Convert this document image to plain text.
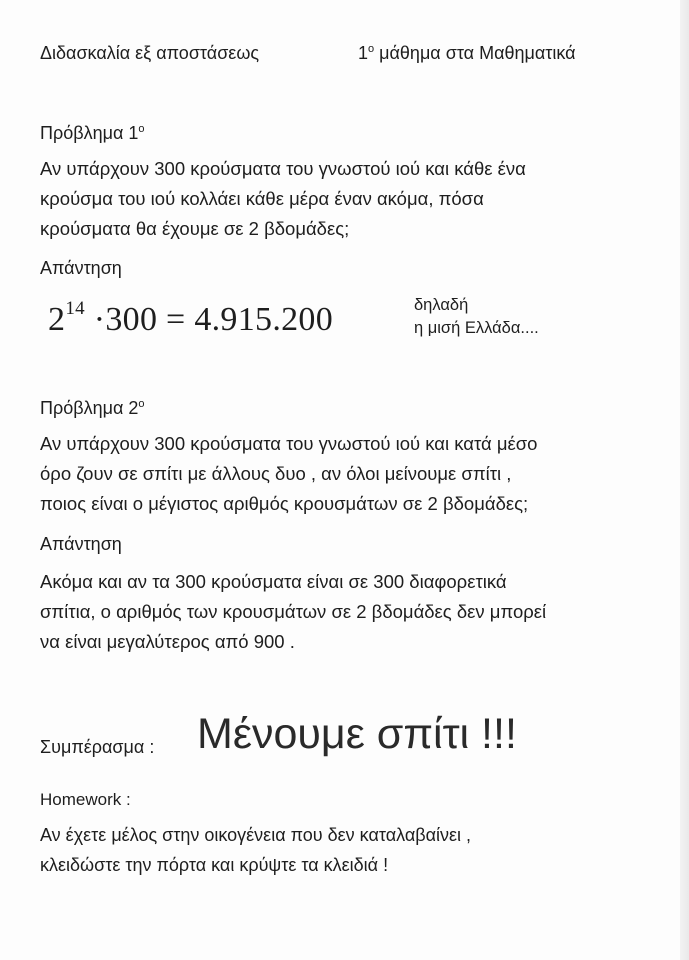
Διδασκαλία εξ αποστάσεως	$1^o$ μάθημα στα Μαθηματικά
Πρόβλημα $1^o$
Αν υπάρχουν 300 κρούσματα του γνωστού ιού και κάθε ένα
κρούσμα του ιού κολλάει κάθε μέρα έναν ακόμα, πόσα
κρούσματα θα έχουμε σε 2 βδομάδες;
Απάντηση
$2^{14} \cdot 300 = 4.915.200$	δηλαδή
η μισή Ελλάδα....
Πρόβλημα $2^o$
Αν υπάρχουν 300 κρούσματα του γνωστού ιού και κατά μέσο
όρο ζουν σε σπίτι με άλλους δυο , αν όλοι μείνουμε σπίτι ,
ποιος είναι ο μέγιστος αριθμός κρουσμάτων σε 2 βδομάδες;
Απάντηση
Ακόμα και αν τα 300 κρούσματα είναι σε 300 διαφορετικά
σπίτια, ο αριθμός των κρουσμάτων σε 2 βδομάδες δεν μπορεί
να είναι μεγαλύτερος από 900 .
Συμπέρασμα : Μένουμε σπίτι !!!
Homework :
Αν έχετε μέλος στην οικογένεια που δεν καταλαβαίνει ,
κλειδώστε την πόρτα και κρύψτε τα κλειδιά !
